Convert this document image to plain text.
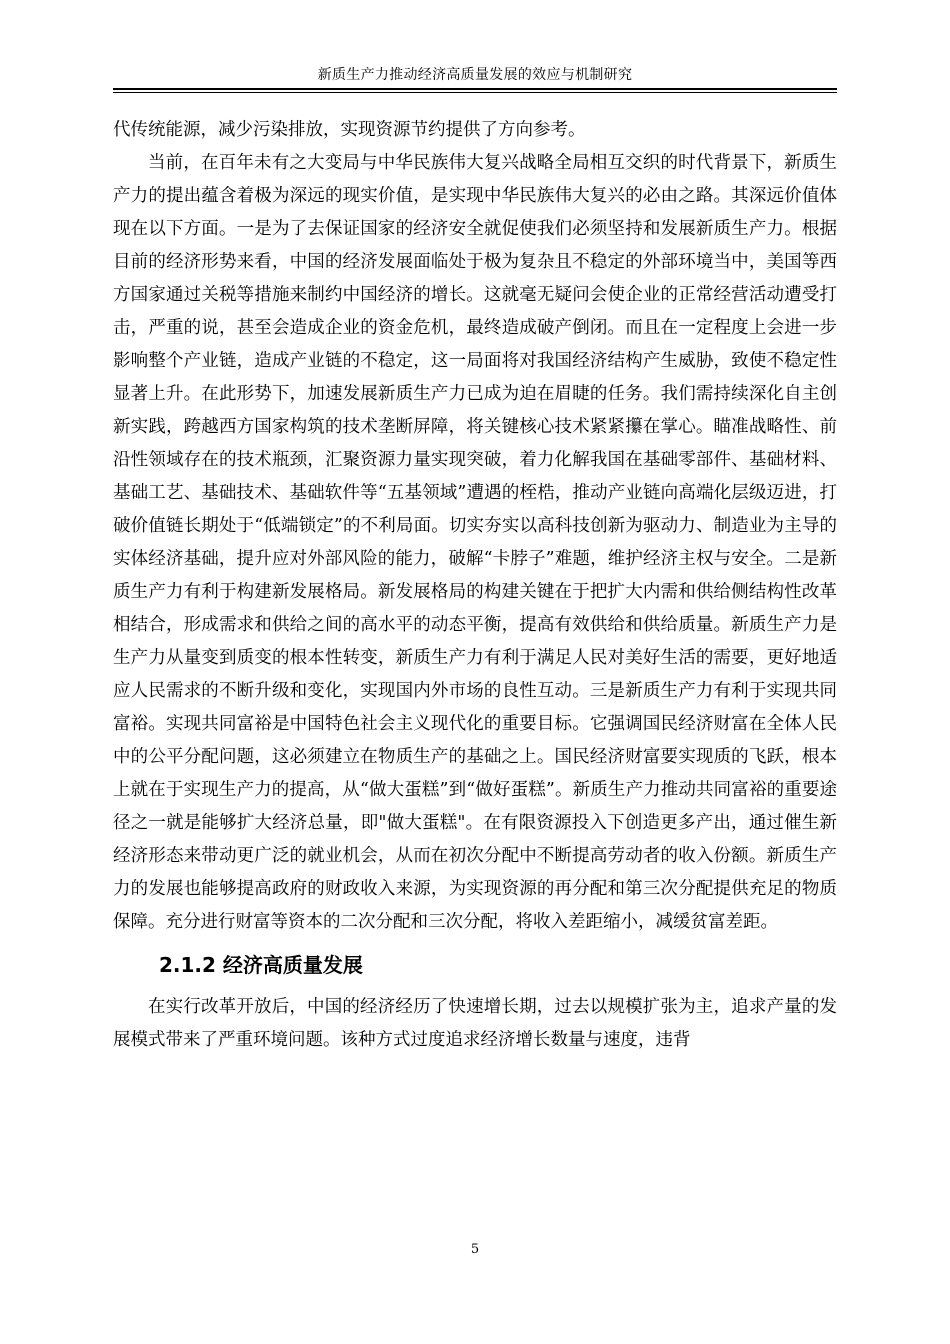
新质生产力推动经济高质量发展的效应与机制研究

代传统能源，减少污染排放，实现资源节约提供了方向参考。

当前，在百年未有之大变局与中华民族伟大复兴战略全局相互交织的时代背景下，新质生产力的提出蕴含着极为深远的现实价值，是实现中华民族伟大复兴的必由之路。其深远价值体现在以下方面。一是为了去保证国家的经济安全就促使我们必须坚持和发展新质生产力。根据目前的经济形势来看，中国的经济发展面临处于极为复杂且不稳定的外部环境当中，美国等西方国家通过关税等措施来制约中国经济的增长。这就毫无疑问会使企业的正常经营活动遭受打击，严重的说，甚至会造成企业的资金危机，最终造成破产倒闭。而且在一定程度上会进一步影响整个产业链，造成产业链的不稳定，这一局面将对我国经济结构产生威胁，致使不稳定性显著上升。在此形势下，加速发展新质生产力已成为迫在眉睫的任务。我们需持续深化自主创新实践，跨越西方国家构筑的技术垄断屏障，将关键核心技术紧紧攥在掌心。瞄准战略性、前沿性领域存在的技术瓶颈，汇聚资源力量实现突破，着力化解我国在基础零部件、基础材料、基础工艺、基础技术、基础软件等“五基领域”遭遇的桎梏，推动产业链向高端化层级迈进，打破价值链长期处于“低端锁定”的不利局面。切实夯实以高科技创新为驱动力、制造业为主导的实体经济基础，提升应对外部风险的能力，破解“卡脖子”难题，维护经济主权与安全。二是新质生产力有利于构建新发展格局。新发展格局的构建关键在于把扩大内需和供给侧结构性改革相结合，形成需求和供给之间的高水平的动态平衡，提高有效供给和供给质量。新质生产力是生产力从量变到质变的根本性转变，新质生产力有利于满足人民对美好生活的需要，更好地适应人民需求的不断升级和变化，实现国内外市场的良性互动。三是新质生产力有利于实现共同富裕。实现共同富裕是中国特色社会主义现代化的重要目标。它强调国民经济财富在全体人民中的公平分配问题，这必须建立在物质生产的基础之上。国民经济财富要实现质的飞跃，根本上就在于实现生产力的提高，从“做大蛋糕”到“做好蛋糕”。新质生产力推动共同富裕的重要途径之一就是能够扩大经济总量，即"做大蛋糕"。在有限资源投入下创造更多产出，通过催生新经济形态来带动更广泛的就业机会，从而在初次分配中不断提高劳动者的收入份额。新质生产力的发展也能够提高政府的财政收入来源，为实现资源的再分配和第三次分配提供充足的物质保障。充分进行财富等资本的二次分配和三次分配，将收入差距缩小，减缓贫富差距。

2.1.2 经济高质量发展

在实行改革开放后，中国的经济经历了快速增长期，过去以规模扩张为主，追求产量的发展模式带来了严重环境问题。该种方式过度追求经济增长数量与速度，违背

5
